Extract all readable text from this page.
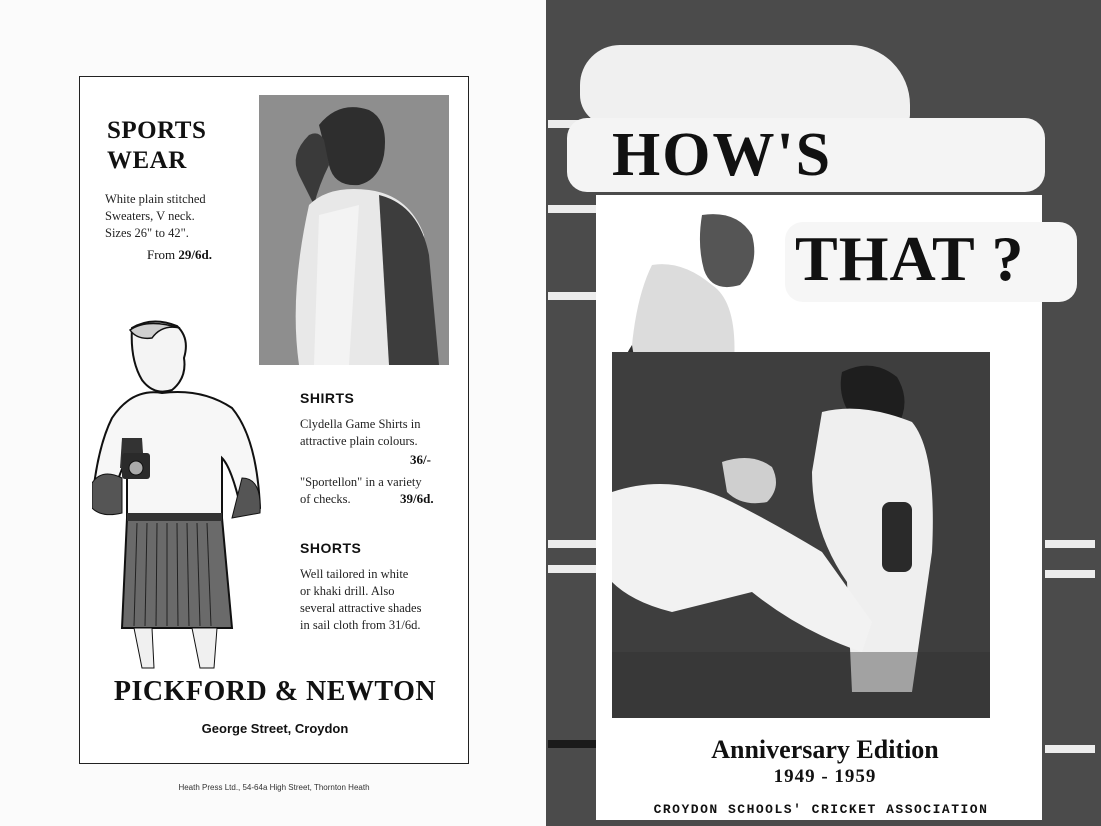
SPORTS
WEAR
White plain stitched
Sweaters, V neck.
Sizes 26" to 42".
From 29/6d.
SHIRTS
Clydella Game Shirts in
attractive plain colours.
36/-
"Sportellon" in a variety
of checks.	39/6d.
SHORTS
Well tailored in white
or khaki drill. Also
several attractive shades
in sail cloth from 31/6d.
PICKFORD & NEWTON
George Street, Croydon
Heath Press Ltd., 54-64a High Street, Thornton Heath
HOW'S
THAT ?
Anniversary Edition
1949 - 1959
CROYDON SCHOOLS' CRICKET ASSOCIATION
